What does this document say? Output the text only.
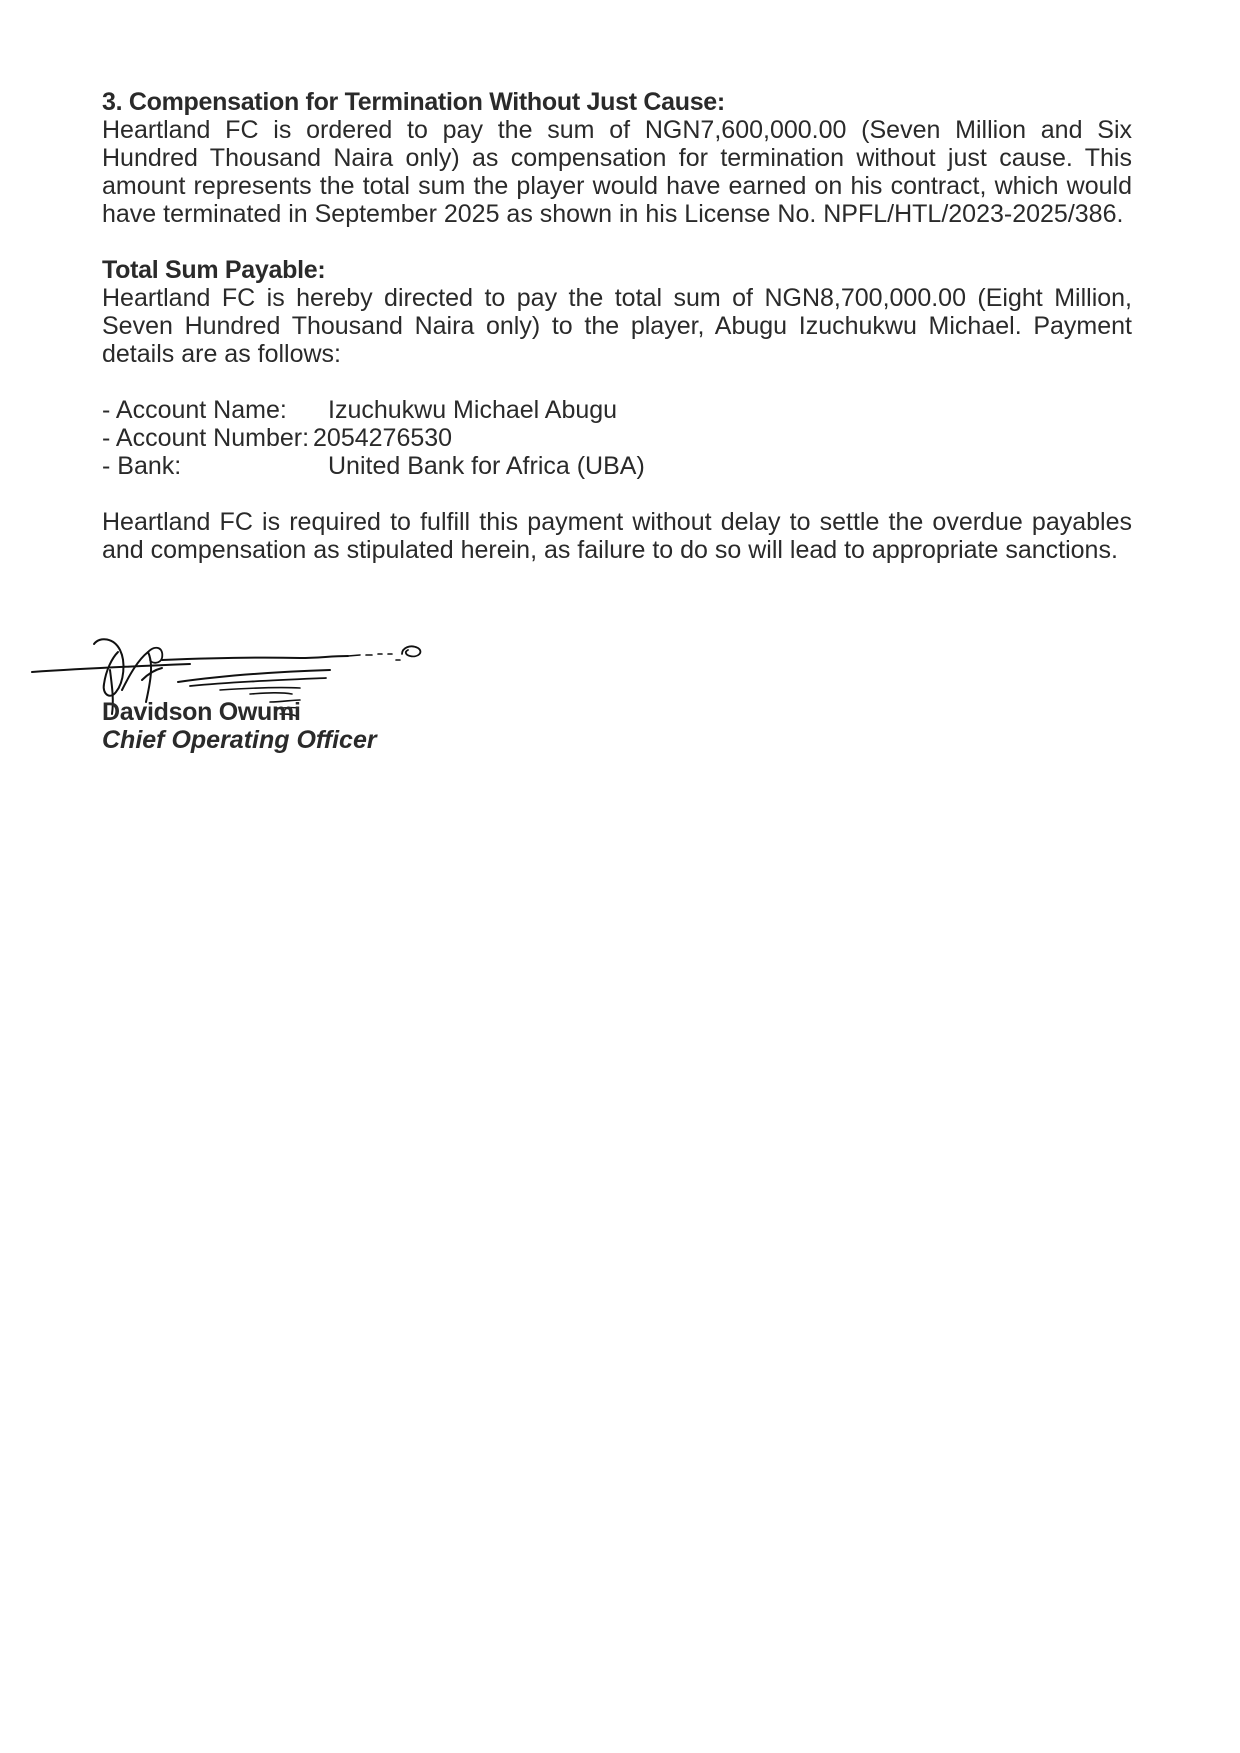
3. Compensation for Termination Without Just Cause:

Heartland FC is ordered to pay the sum of NGN7,600,000.00 (Seven Million and Six Hundred Thousand Naira only) as compensation for termination without just cause. This amount represents the total sum the player would have earned on his contract, which would have terminated in September 2025 as shown in his License No. NPFL/HTL/2023-2025/386.

Total Sum Payable:

Heartland FC is hereby directed to pay the total sum of NGN8,700,000.00 (Eight Million, Seven Hundred Thousand Naira only) to the player, Abugu Izuchukwu Michael. Payment details are as follows:

- Account Name:	Izuchukwu Michael Abugu

- Account Number: 2054276530

- Bank:	United Bank for Africa (UBA)

Heartland FC is required to fulfill this payment without delay to settle the overdue payables and compensation as stipulated herein, as failure to do so will lead to appropriate sanctions.

Davidson Owumi

Chief Operating Officer
